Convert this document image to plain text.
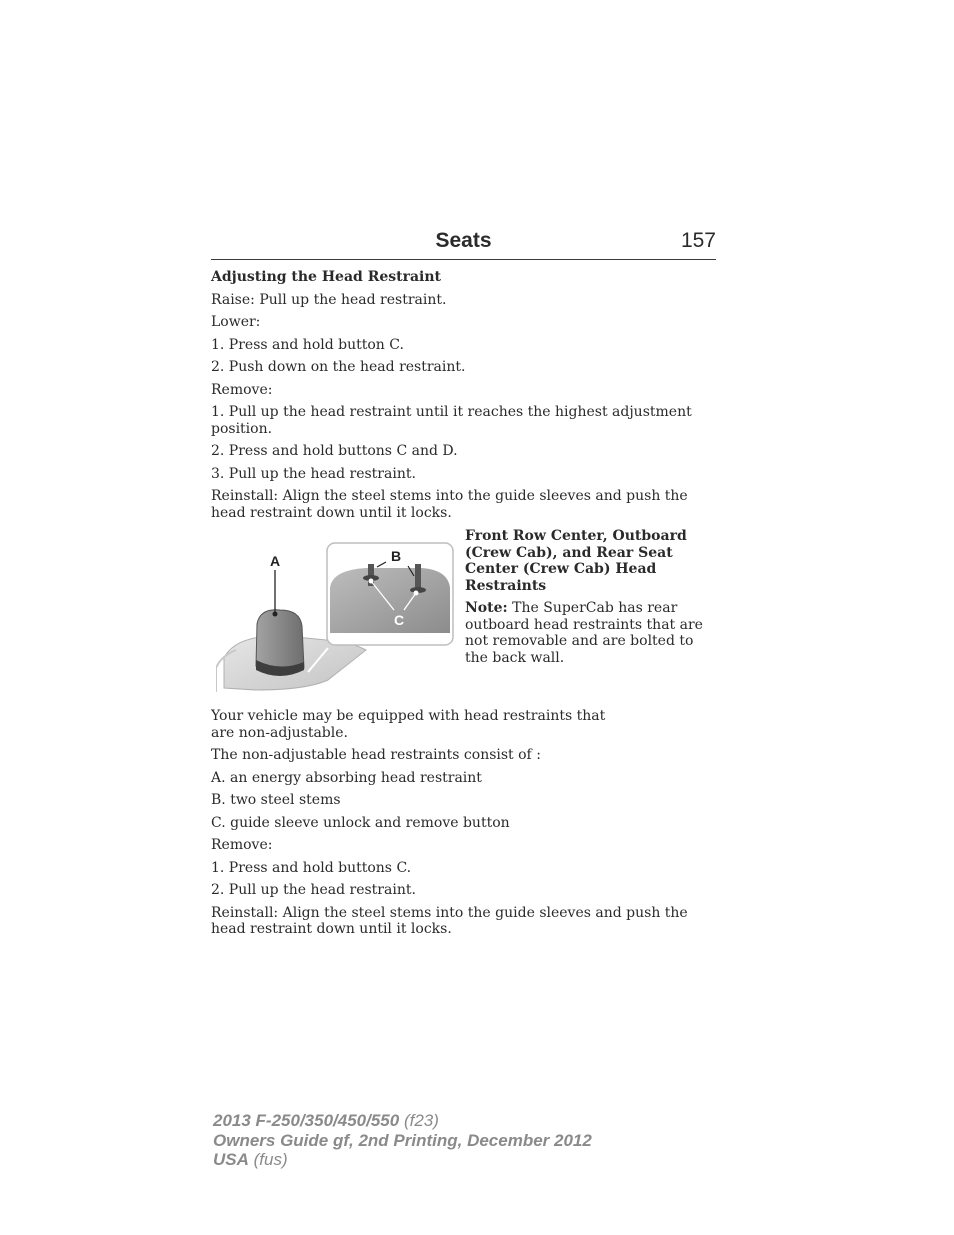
Seats	157

Adjusting the Head Restraint

Raise: Pull up the head restraint.

Lower:

1. Press and hold button C.

2. Push down on the head restraint.

Remove:

1. Pull up the head restraint until it reaches the highest adjustment position.

2. Press and hold buttons C and D.

3. Pull up the head restraint.

Reinstall: Align the steel stems into the guide sleeves and push the head restraint down until it locks.

A	B
C

Front Row Center, Outboard (Crew Cab), and Rear Seat Center (Crew Cab) Head Restraints

Note: The SuperCab has rear outboard head restraints that are not removable and are bolted to the back wall.

Your vehicle may be equipped with head restraints that are non-adjustable.

The non-adjustable head restraints consist of :

A. an energy absorbing head restraint

B. two steel stems

C. guide sleeve unlock and remove button

Remove:

1. Press and hold buttons C.

2. Pull up the head restraint.

Reinstall: Align the steel stems into the guide sleeves and push the head restraint down until it locks.

2013 F-250/350/450/550 (f23)
Owners Guide gf, 2nd Printing, December 2012
USA (fus)
